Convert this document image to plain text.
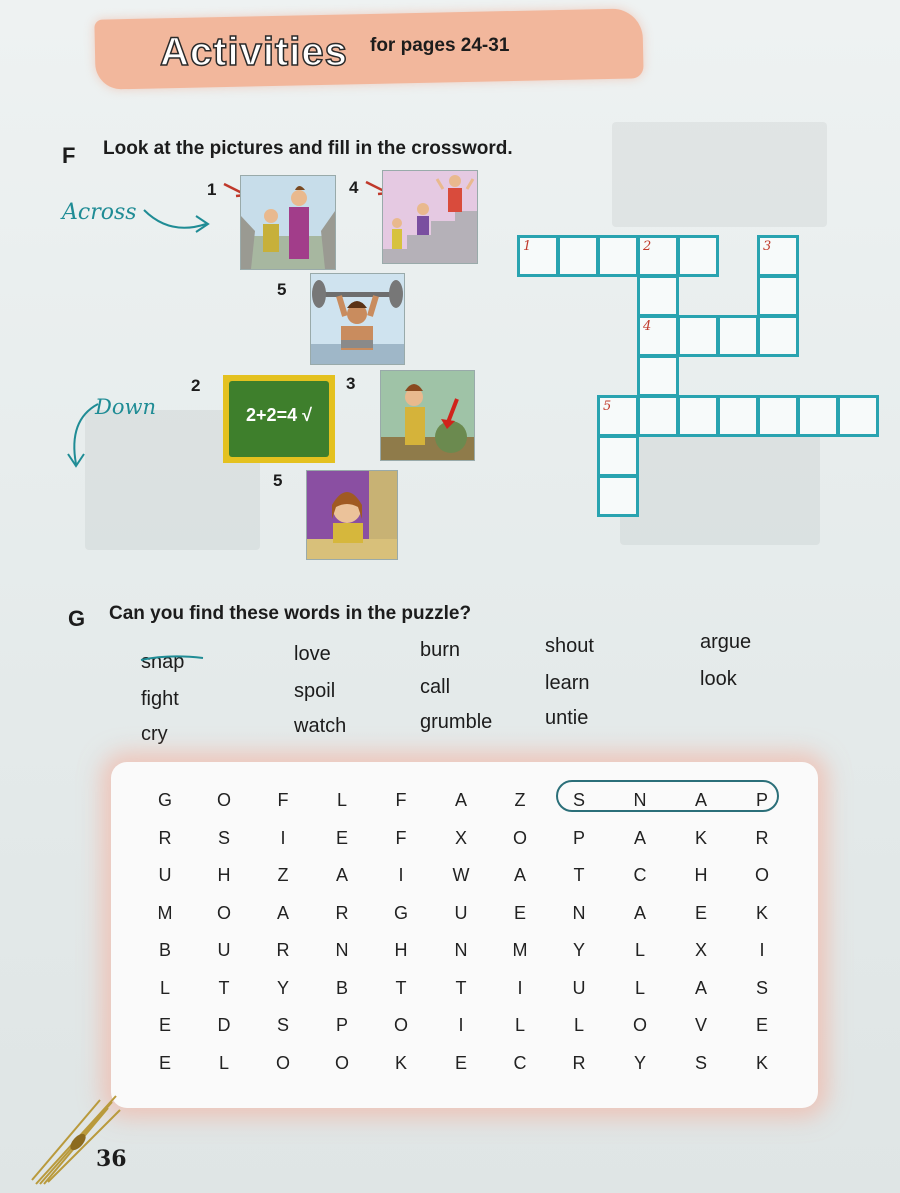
Activities for pages 24-31
F Look at the pictures and fill in the crossword.
Across
Down
1	4
5
2	3
5
2+2=4 √
1	2	3
4
5
G Can you find these words in the puzzle?
snap
fight
cry
love
spoil
watch
burn
call
grumble
shout
learn
untie
argue
look
G	O	F	L	F	A	Z	S	N	A	P
R	S	I	E	F	X	O	P	A	K	R
U	H	Z	A	I	W	A	T	C	H	O
M	O	A	R	G	U	E	N	A	E	K
B	U	R	N	H	N	M	Y	L	X	I
L	T	Y	B	T	T	I	U	L	A	S
E	D	S	P	O	I	L	L	O	V	E
E	L	O	O	K	E	C	R	Y	S	K
36
